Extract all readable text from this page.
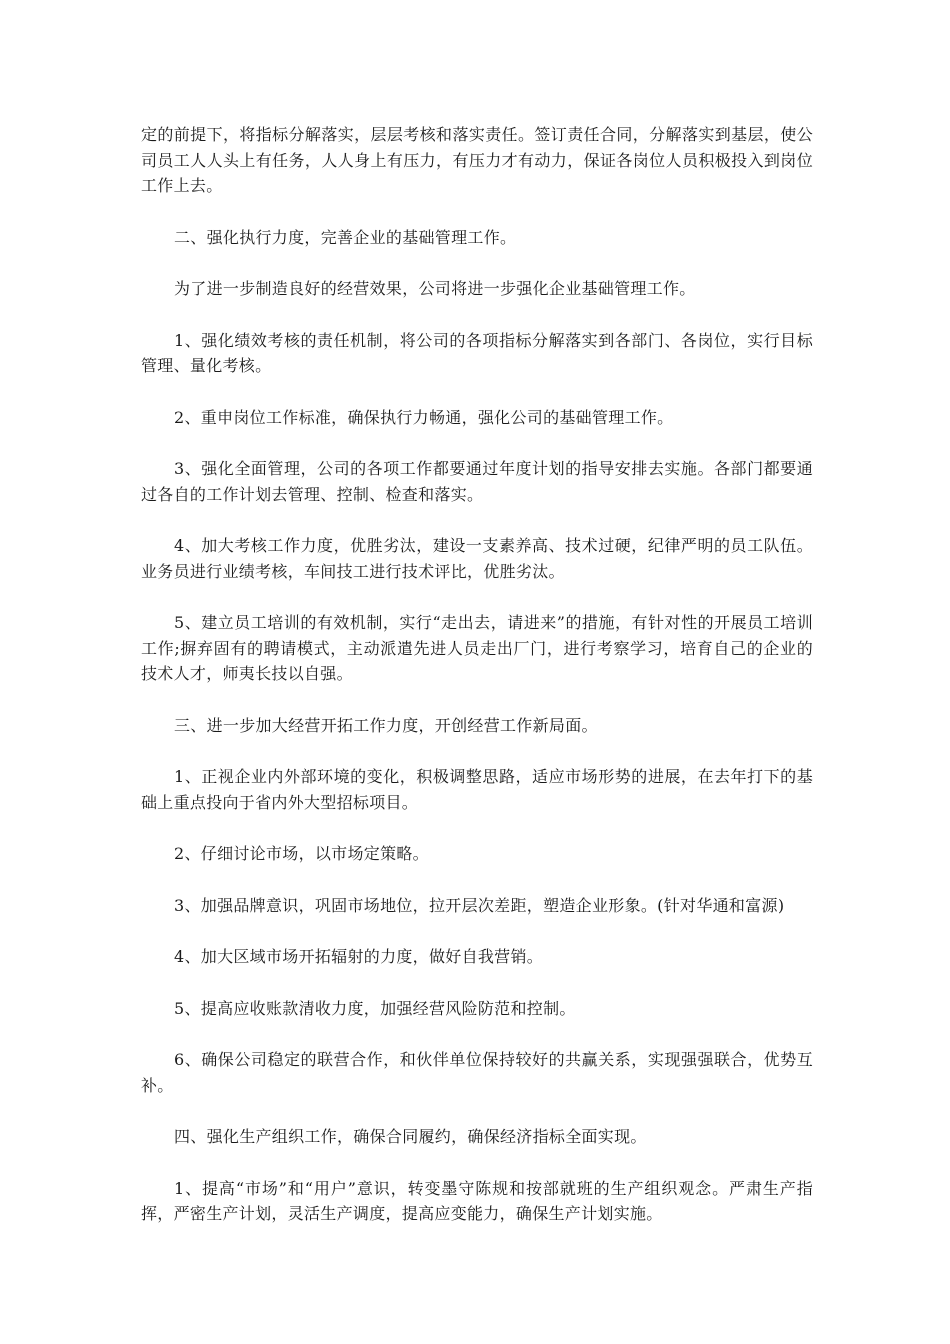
定的前提下，将指标分解落实，层层考核和落实责任。签订责任合同，分解落实到基层，使公司员工人人头上有任务，人人身上有压力，有压力才有动力，保证各岗位人员积极投入到岗位工作上去。

二、强化执行力度，完善企业的基础管理工作。

为了进一步制造良好的经营效果，公司将进一步强化企业基础管理工作。

1、强化绩效考核的责任机制，将公司的各项指标分解落实到各部门、各岗位，实行目标管理、量化考核。

2、重申岗位工作标准，确保执行力畅通，强化公司的基础管理工作。

3、强化全面管理，公司的各项工作都要通过年度计划的指导安排去实施。各部门都要通过各自的工作计划去管理、控制、检查和落实。

4、加大考核工作力度，优胜劣汰，建设一支素养高、技术过硬，纪律严明的员工队伍。业务员进行业绩考核，车间技工进行技术评比，优胜劣汰。

5、建立员工培训的有效机制，实行“走出去，请进来”的措施，有针对性的开展员工培训工作;摒弃固有的聘请模式，主动派遣先进人员走出厂门，进行考察学习，培育自己的企业的技术人才，师夷长技以自强。

三、进一步加大经营开拓工作力度，开创经营工作新局面。

1、正视企业内外部环境的变化，积极调整思路，适应市场形势的进展，在去年打下的基础上重点投向于省内外大型招标项目。

2、仔细讨论市场，以市场定策略。

3、加强品牌意识，巩固市场地位，拉开层次差距，塑造企业形象。(针对华通和富源)

4、加大区域市场开拓辐射的力度，做好自我营销。

5、提高应收账款清收力度，加强经营风险防范和控制。

6、确保公司稳定的联营合作，和伙伴单位保持较好的共赢关系，实现强强联合，优势互补。

四、强化生产组织工作，确保合同履约，确保经济指标全面实现。

1、提高“市场”和“用户”意识，转变墨守陈规和按部就班的生产组织观念。严肃生产指挥，严密生产计划，灵活生产调度，提高应变能力，确保生产计划实施。
